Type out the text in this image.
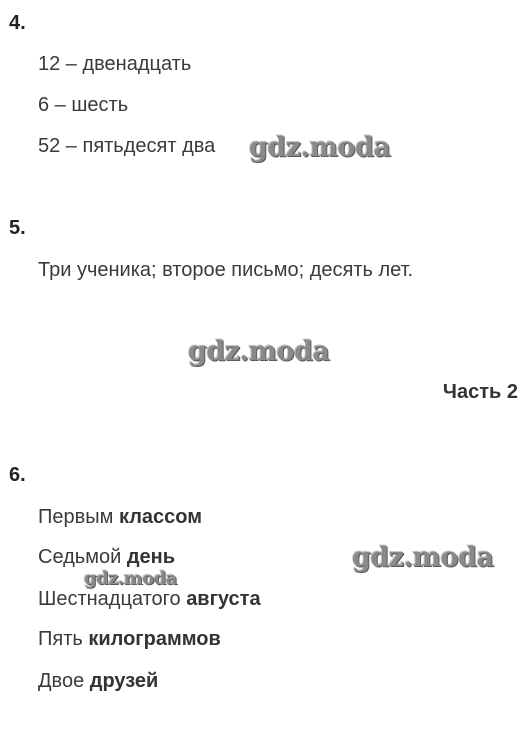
4.
12 – двенадцать
6 – шесть
52 – пятьдесят два
5.
Три ученика; второе письмо; десять лет.
Часть 2
6.
Первым классом
Седьмой день
Шестнадцатого августа
Пять килограммов
Двое друзей
gdz.moda
gdz.moda
gdz.moda
gdz.moda
